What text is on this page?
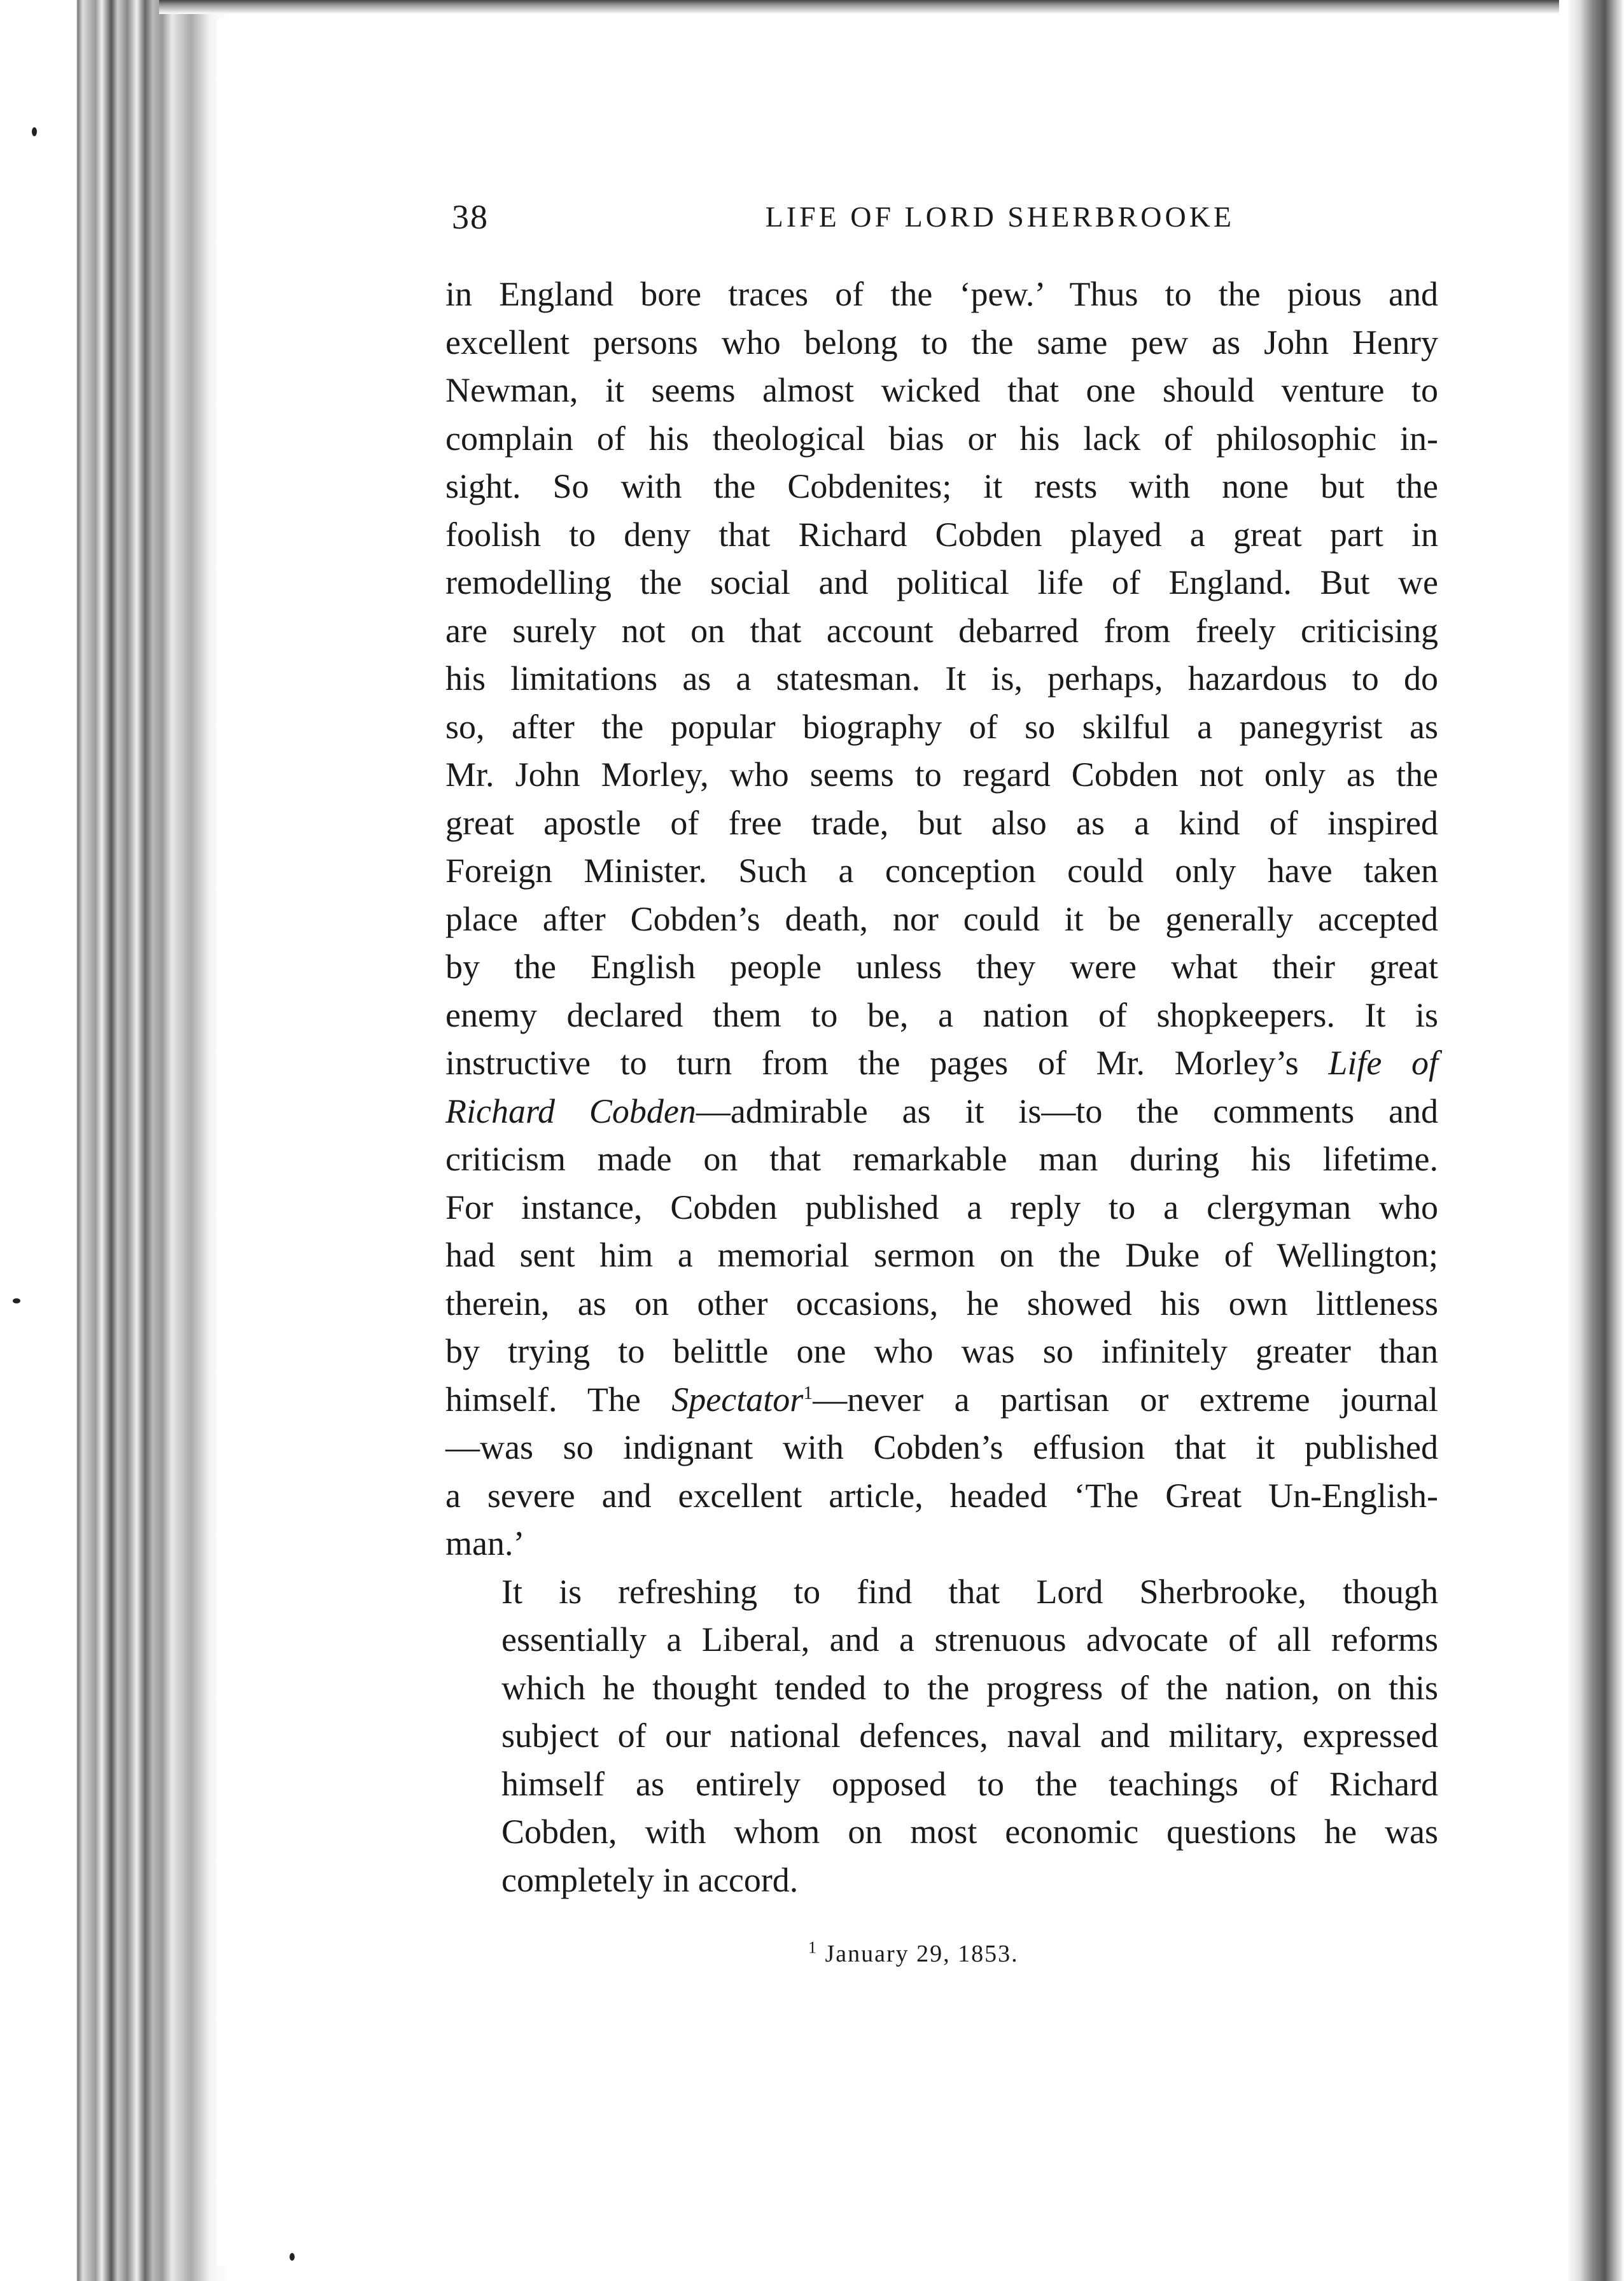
38	LIFE OF LORD SHERBROOKE

in England bore traces of the ‘pew.’ Thus to the pious and
excellent persons who belong to the same pew as John Henry
Newman, it seems almost wicked that one should venture to
complain of his theological bias or his lack of philosophic in-
sight. So with the Cobdenites; it rests with none but the
foolish to deny that Richard Cobden played a great part in
remodelling the social and political life of England. But we
are surely not on that account debarred from freely criticising
his limitations as a statesman. It is, perhaps, hazardous to do
so, after the popular biography of so skilful a panegyrist as
Mr. John Morley, who seems to regard Cobden not only as the
great apostle of free trade, but also as a kind of inspired
Foreign Minister. Such a conception could only have taken
place after Cobden’s death, nor could it be generally accepted
by the English people unless they were what their great
enemy declared them to be, a nation of shopkeepers. It is
instructive to turn from the pages of Mr. Morley’s Life of
Richard Cobden—admirable as it is—to the comments and
criticism made on that remarkable man during his lifetime.
For instance, Cobden published a reply to a clergyman who
had sent him a memorial sermon on the Duke of Wellington;
therein, as on other occasions, he showed his own littleness
by trying to belittle one who was so infinitely greater than
himself. The Spectator$^1$—never a partisan or extreme journal
—was so indignant with Cobden’s effusion that it published
a severe and excellent article, headed ‘The Great Un-English-
man.’

It is refreshing to find that Lord Sherbrooke, though
essentially a Liberal, and a strenuous advocate of all reforms
which he thought tended to the progress of the nation, on this
subject of our national defences, naval and military, expressed
himself as entirely opposed to the teachings of Richard
Cobden, with whom on most economic questions he was
completely in accord.

$^1$ January 29, 1853.
